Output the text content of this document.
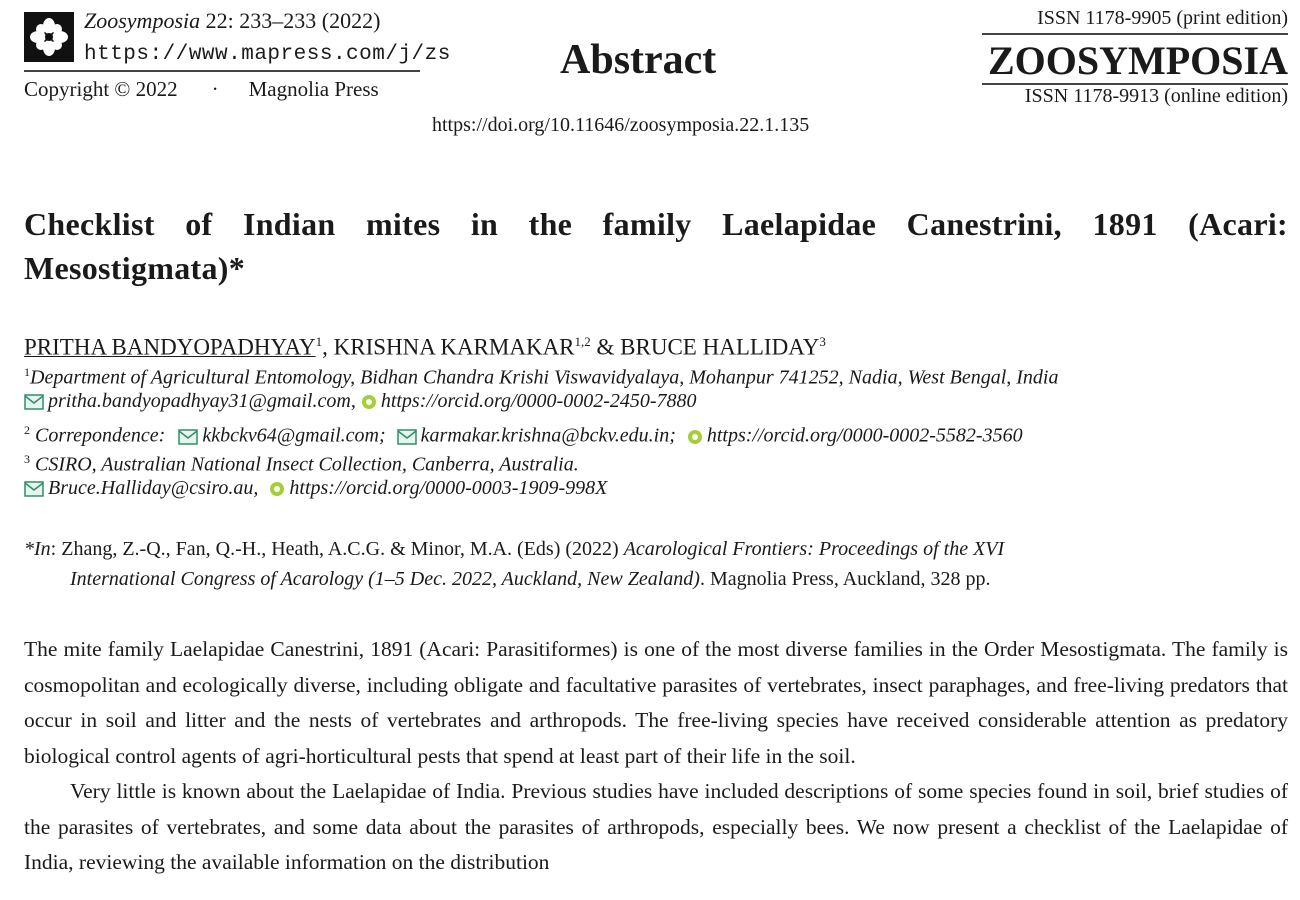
Zoosymposia 22: 233–233 (2022)
https://www.mapress.com/j/zs
Copyright © 2022 · Magnolia Press
Abstract
https://doi.org/10.11646/zoosymposia.22.1.135
ISSN 1178-9905 (print edition)
ZOOSYMPOSIA
ISSN 1178-9913 (online edition)
Checklist of Indian mites in the family Laelapidae Canestrini, 1891 (Acari: Mesostigmata)*
PRITHA BANDYOPADHYAY$^1$, KRISHNA KARMAKAR$^{1,2}$ & BRUCE HALLIDAY$^3$
$^1$Department of Agricultural Entomology, Bidhan Chandra Krishi Viswavidyalaya, Mohanpur 741252, Nadia, West Bengal, India
pritha.bandyopadhyay31@gmail.com,
https://orcid.org/0000-0002-2450-7880
$^2$ Correpondence: kkbckv64@gmail.com; karmakar.krishna@bckv.edu.in; https://orcid.org/0000-0002-5582-3560
$^3$ CSIRO, Australian National Insect Collection, Canberra, Australia.
Bruce.Halliday@csiro.au, https://orcid.org/0000-0003-1909-998X
*In: Zhang, Z.-Q., Fan, Q.-H., Heath, A.C.G. & Minor, M.A. (Eds) (2022) Acarological Frontiers: Proceedings of the XVI
International Congress of Acarology (1–5 Dec. 2022, Auckland, New Zealand). Magnolia Press, Auckland, 328 pp.

The mite family Laelapidae Canestrini, 1891 (Acari: Parasitiformes) is one of the most diverse families in the Order Mesostigmata. The family is cosmopolitan and ecologically diverse, including obligate and facultative parasites of vertebrates, insect paraphages, and free-living predators that occur in soil and litter and the nests of vertebrates and arthropods. The free-living species have received considerable attention as predatory biological control agents of agri-horticultural pests that spend at least part of their life in the soil.

Very little is known about the Laelapidae of India. Previous studies have included descriptions of some species found in soil, brief studies of the parasites of vertebrates, and some data about the parasites of arthropods, especially bees. We now present a checklist of the Laelapidae of India, reviewing the available information on the distribution
